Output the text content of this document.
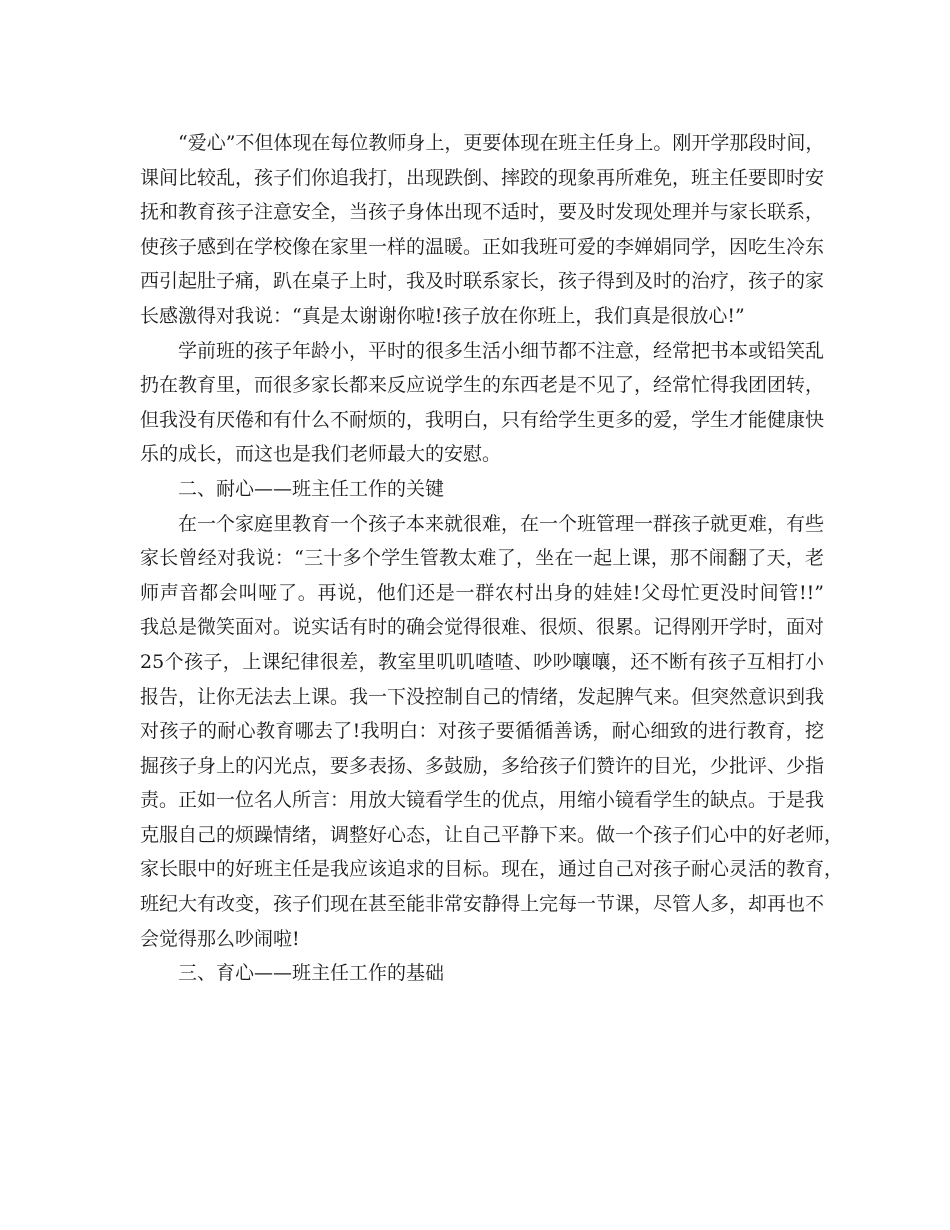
“爱心”不但体现在每位教师身上，更要体现在班主任身上。刚开学那段时间，
课间比较乱，孩子们你追我打，出现跌倒、摔跤的现象再所难免，班主任要即时安
抚和教育孩子注意安全，当孩子身体出现不适时，要及时发现处理并与家长联系，
使孩子感到在学校像在家里一样的温暖。正如我班可爱的李婵娟同学，因吃生冷东
西引起肚子痛，趴在桌子上时，我及时联系家长，孩子得到及时的治疗，孩子的家
长感激得对我说：“真是太谢谢你啦!孩子放在你班上，我们真是很放心!”
学前班的孩子年龄小，平时的很多生活小细节都不注意，经常把书本或铅笑乱
扔在教育里，而很多家长都来反应说学生的东西老是不见了，经常忙得我团团转，
但我没有厌倦和有什么不耐烦的，我明白，只有给学生更多的爱，学生才能健康快
乐的成长，而这也是我们老师最大的安慰。
二、耐心——班主任工作的关键
在一个家庭里教育一个孩子本来就很难，在一个班管理一群孩子就更难，有些
家长曾经对我说：“三十多个学生管教太难了，坐在一起上课，那不闹翻了天，老
师声音都会叫哑了。再说，他们还是一群农村出身的娃娃!父母忙更没时间管!!”
我总是微笑面对。说实话有时的确会觉得很难、很烦、很累。记得刚开学时，面对
25个孩子，上课纪律很差，教室里叽叽喳喳、吵吵嚷嚷，还不断有孩子互相打小
报告，让你无法去上课。我一下没控制自己的情绪，发起脾气来。但突然意识到我
对孩子的耐心教育哪去了!我明白：对孩子要循循善诱，耐心细致的进行教育，挖
掘孩子身上的闪光点，要多表扬、多鼓励，多给孩子们赞许的目光，少批评、少指
责。正如一位名人所言：用放大镜看学生的优点，用缩小镜看学生的缺点。于是我
克服自己的烦躁情绪，调整好心态，让自己平静下来。做一个孩子们心中的好老师，
家长眼中的好班主任是我应该追求的目标。现在，通过自己对孩子耐心灵活的教育，
班纪大有改变，孩子们现在甚至能非常安静得上完每一节课，尽管人多，却再也不
会觉得那么吵闹啦!
三、育心——班主任工作的基础
